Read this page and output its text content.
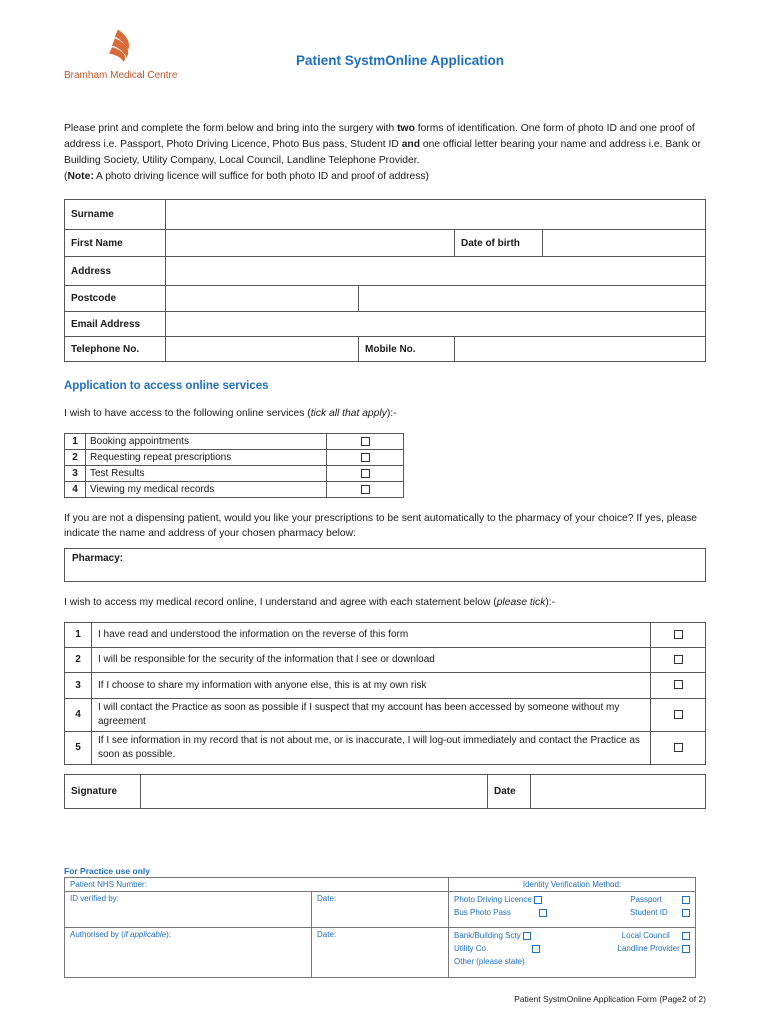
Bramham Medical Centre
Patient SystmOnline Application
Please print and complete the form below and bring into the surgery with two forms of identification. One form of photo ID and one proof of address i.e. Passport, Photo Driving Licence, Photo Bus pass, Student ID and one official letter bearing your name and address i.e. Bank or Building Society, Utility Company, Local Council, Landline Telephone Provider.
(Note: A photo driving licence will suffice for both photo ID and proof of address)
Surname				
First Name			Date of birth	
Address				
Postcode				
Email Address				
Telephone No.		Mobile No.		
Application to access online services
I wish to have access to the following online services (tick all that apply):-
1	Booking appointments	
2	Requesting repeat prescriptions	
3	Test Results	
4	Viewing my medical records	
If you are not a dispensing patient, would you like your prescriptions to be sent automatically to the pharmacy of your choice? If yes, please indicate the name and address of your chosen pharmacy below:
Pharmacy:
I wish to access my medical record online, I understand and agree with each statement below (please tick):-
1	I have read and understood the information on the reverse of this form	
2	I will be responsible for the security of the information that I see or download	
3	If I choose to share my information with anyone else, this is at my own risk	
4	I will contact the Practice as soon as possible if I suspect that my account has been accessed by someone without my agreement	
5	If I see information in my record that is not about me, or is inaccurate, I will log-out immediately and contact the Practice as soon as possible.	
Signature		Date	
For Practice use only
Patient NHS Number:		Identity Verification Method:
ID verified by:	Date:	Photo Driving Licence Passport
Bus Photo Pass Student ID

Authorised by (if applicable):	Date:	Bank/Building Scty Local Council
Utility Co. Landline Provider
Other (please state)
Patient SystmOnline Application Form (Page2 of 2)
